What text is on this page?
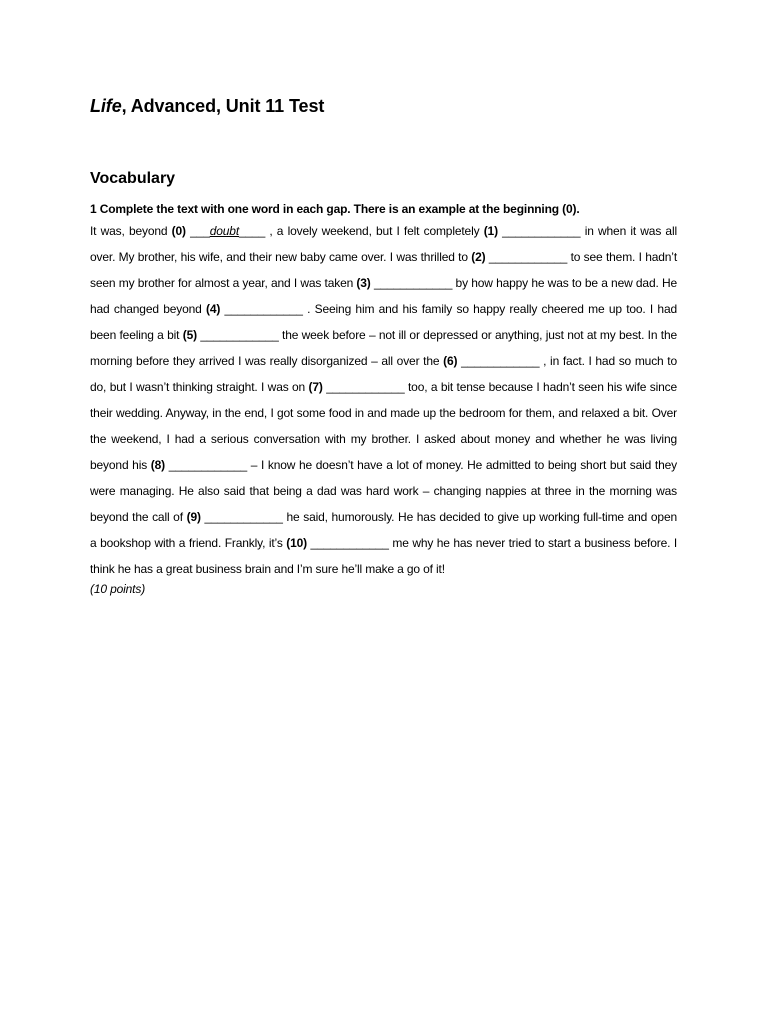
Life, Advanced, Unit 11 Test
Vocabulary

1 Complete the text with one word in each gap. There is an example at the beginning (0).

It was, beyond (0) ___doubt____ , a lovely weekend, but I felt completely (1) ____________ in when it was all over. My brother, his wife, and their new baby came over. I was thrilled to (2) ____________ to see them. I hadn’t seen my brother for almost a year, and I was taken (3) ____________ by how happy he was to be a new dad. He had changed beyond (4) ____________ . Seeing him and his family so happy really cheered me up too. I had been feeling a bit (5) ____________ the week before – not ill or depressed or anything, just not at my best. In the morning before they arrived I was really disorganized – all over the (6) ____________ , in fact. I had so much to do, but I wasn’t thinking straight. I was on (7) ____________ too, a bit tense because I hadn’t seen his wife since their wedding. Anyway, in the end, I got some food in and made up the bedroom for them, and relaxed a bit. Over the weekend, I had a serious conversation with my brother. I asked about money and whether he was living beyond his (8) ____________ – I know he doesn’t have a lot of money. He admitted to being short but said they were managing. He also said that being a dad was hard work – changing nappies at three in the morning was beyond the call of (9) ____________ he said, humorously. He has decided to give up working full-time and open a bookshop with a friend. Frankly, it’s (10) ____________ me why he has never tried to start a business before. I think he has a great business brain and I’m sure he’ll make a go of it!

(10 points)
